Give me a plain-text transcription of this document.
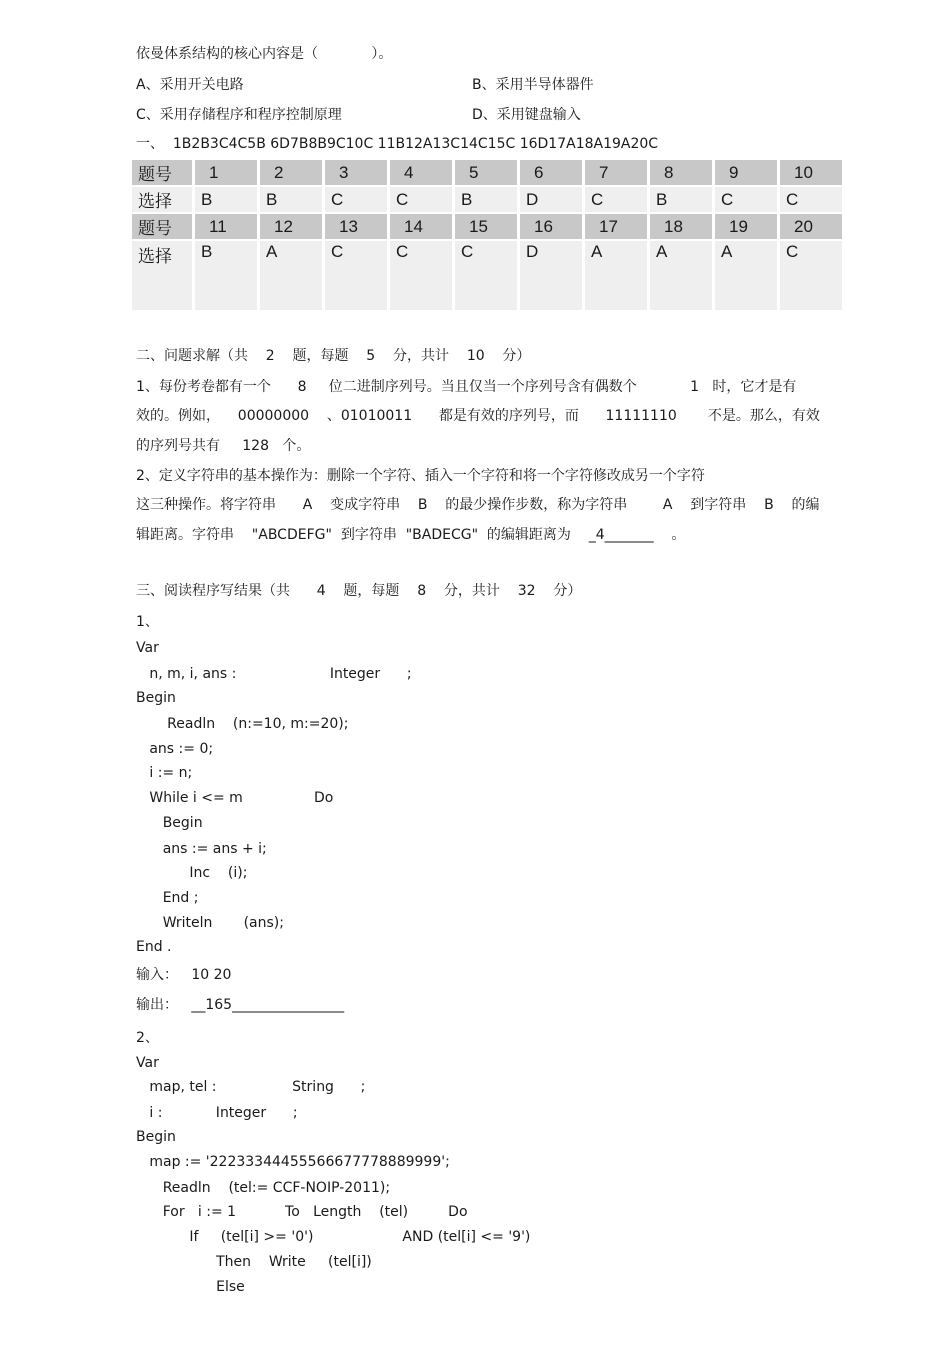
依曼体系结构的核心内容是（            ）。
A、采用开关电路	B、采用半导体器件
C、采用存储程序和程序控制原理	D、采用键盘输入
一、  1B2B3C4C5B 6D7B8B9C10C 11B12A13C14C15C 16D17A18A19A20C
题号	1	2	3	4	5	6	7	8	9	10
选择	B	B	C	C	B	D	C	B	C	C
题号	11	12	13	14	15	16	17	18	19	20
选择	B	A	C	C	C	D	A	A	A	C
二、问题求解（共    2    题，每题    5    分，共计    10    分）
1、每份考卷都有一个      8     位二进制序列号。当且仅当一个序列号含有偶数个            1   时，它才是有
效的。例如，    00000000    、01010011      都是有效的序列号，而      11111110       不是。那么，有效
的序列号共有     128   个。
2、定义字符串的基本操作为：删除一个字符、插入一个字符和将一个字符修改成另一个字符
这三种操作。将字符串      A    变成字符串    B    的最少操作步数，称为字符串        A    到字符串    B    的编
辑距离。字符串    "ABCDEFG"  到字符串  "BADECG"  的编辑距离为    _4_______    。
三、阅读程序写结果（共      4    题，每题    8    分，共计    32    分）
1、
Var
n, m, i, ans :                     Integer      ;
Begin
Readln    (n:=10, m:=20);
ans := 0;
i := n;
While i <= m                Do
Begin
ans := ans + i;
Inc    (i);
End ;
Writeln       (ans);
End .
输入：   10 20
输出：   __165________________
2、
Var
map, tel :                 String      ;
i :            Integer      ;
Begin
map := '22233344455566677778889999';
Readln    (tel:= CCF-NOIP-2011);
For   i := 1           To   Length    (tel)         Do
If     (tel[i] >= '0')                    AND (tel[i] <= '9')
Then    Write     (tel[i])
Else
